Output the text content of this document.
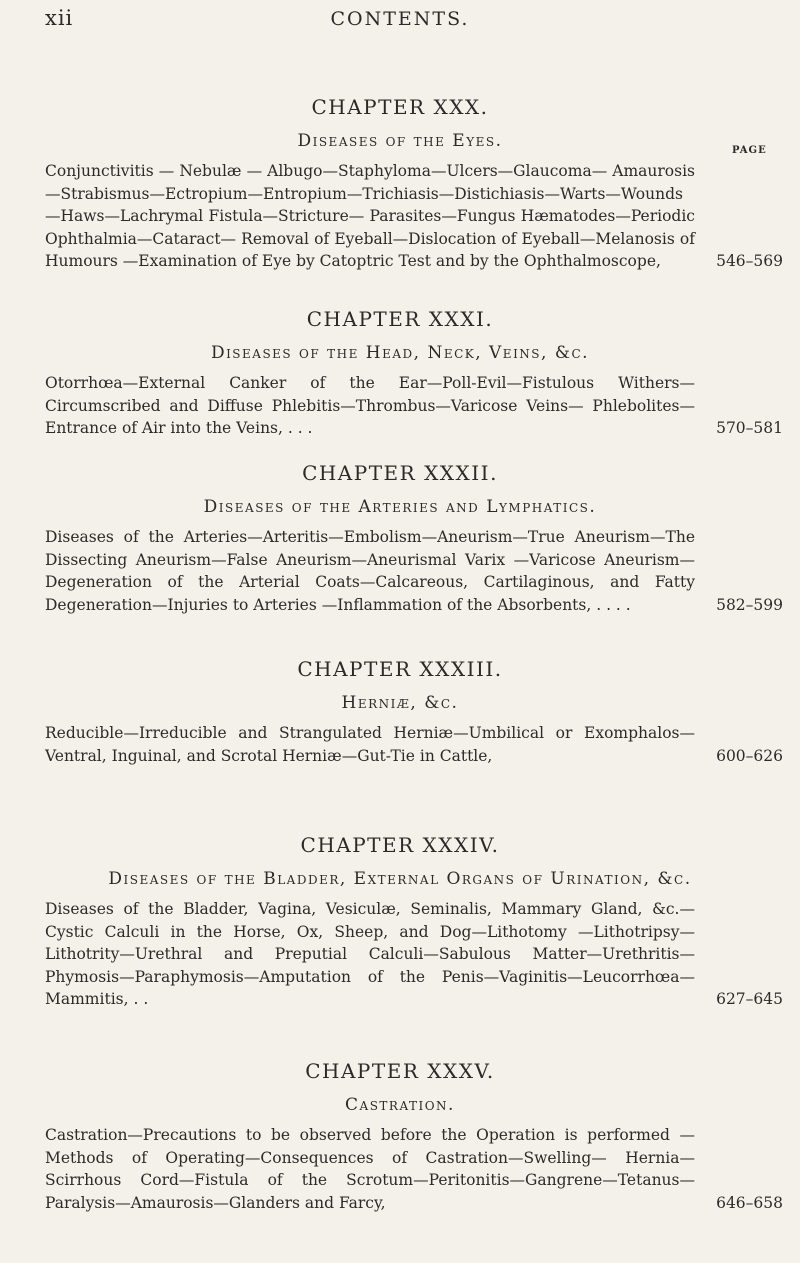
xii	CONTENTS.
PAGE
CHAPTER XXX.
Diseases of the Eyes.
Conjunctivitis — Nebulæ — Albugo—Staphyloma—Ulcers—Glaucoma— Amaurosis—Strabismus—Ectropium—Entropium—Trichiasis—Distichiasis—Warts—Wounds—Haws—Lachrymal Fistula—Stricture— Parasites—Fungus Hæmatodes—Periodic Ophthalmia—Cataract— Removal of Eyeball—Dislocation of Eyeball—Melanosis of Humours —Examination of Eye by Catoptric Test and by the Ophthalmoscope,	546–569
CHAPTER XXXI.
Diseases of the Head, Neck, Veins, &c.
Otorrhœa—External Canker of the Ear—Poll-Evil—Fistulous Withers— Circumscribed and Diffuse Phlebitis—Thrombus—Varicose Veins— Phlebolites—Entrance of Air into the Veins, . . .	570–581
CHAPTER XXXII.
Diseases of the Arteries and Lymphatics.
Diseases of the Arteries—Arteritis—Embolism—Aneurism—True Aneurism—The Dissecting Aneurism—False Aneurism—Aneurismal Varix —Varicose Aneurism—Degeneration of the Arterial Coats—Calcareous, Cartilaginous, and Fatty Degeneration—Injuries to Arteries —Inflammation of the Absorbents, . . . .	582–599
CHAPTER XXXIII.
Herniæ, &c.
Reducible—Irreducible and Strangulated Herniæ—Umbilical or Exomphalos—Ventral, Inguinal, and Scrotal Herniæ—Gut-Tie in Cattle,	600–626
CHAPTER XXXIV.
Diseases of the Bladder, External Organs of Urination, &c.
Diseases of the Bladder, Vagina, Vesiculæ, Seminalis, Mammary Gland, &c.—Cystic Calculi in the Horse, Ox, Sheep, and Dog—Lithotomy —Lithotripsy—Lithotrity—Urethral and Preputial Calculi—Sabulous Matter—Urethritis—Phymosis—Paraphymosis—Amputation of the Penis—Vaginitis—Leucorrhœa—Mammitis, . .	627–645
CHAPTER XXXV.
Castration.
Castration—Precautions to be observed before the Operation is performed —Methods of Operating—Consequences of Castration—Swelling— Hernia—Scirrhous Cord—Fistula of the Scrotum—Peritonitis—Gangrene—Tetanus—Paralysis—Amaurosis—Glanders and Farcy,	646–658
